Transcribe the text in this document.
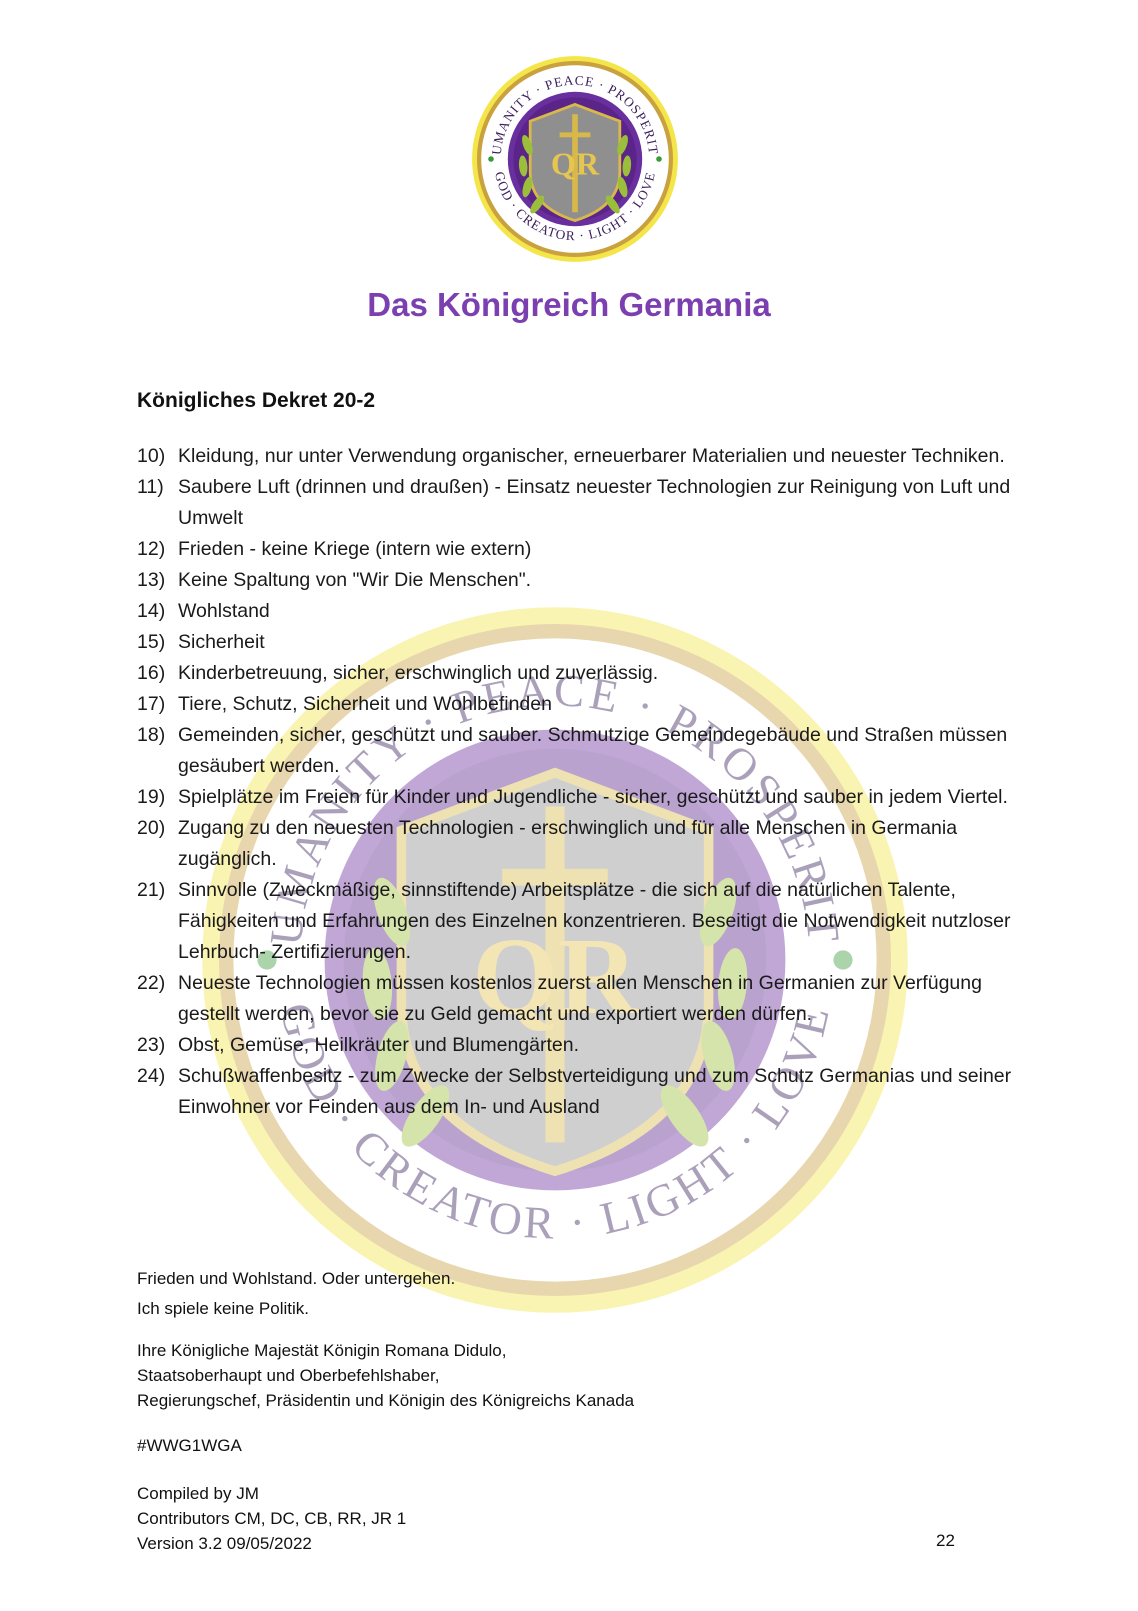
Das Königreich Germania
Königliches Dekret 20-2
10) Kleidung, nur unter Verwendung organischer, erneuerbarer Materialien und neuester Techniken.
11) Saubere Luft (drinnen und draußen) - Einsatz neuester Technologien zur Reinigung von Luft und Umwelt
12) Frieden - keine Kriege (intern wie extern)
13) Keine Spaltung von "Wir Die Menschen".
14) Wohlstand
15) Sicherheit
16) Kinderbetreuung, sicher, erschwinglich und zuverlässig.
17) Tiere, Schutz, Sicherheit und Wohlbefinden
18) Gemeinden, sicher, geschützt und sauber. Schmutzige Gemeindegebäude und Straßen müssen gesäubert werden.
19) Spielplätze im Freien für Kinder und Jugendliche - sicher, geschützt und sauber in jedem Viertel.
20) Zugang zu den neuesten Technologien - erschwinglich und für alle Menschen in Germania zugänglich.
21) Sinnvolle (Zweckmäßige, sinnstiftende) Arbeitsplätze - die sich auf die natürlichen Talente, Fähigkeiten und Erfahrungen des Einzelnen konzentrieren. Beseitigt die Notwendigkeit nutzloser Lehrbuch- Zertifizierungen.
22) Neueste Technologien müssen kostenlos zuerst allen Menschen in Germanien zur Verfügung gestellt werden, bevor sie zu Geld gemacht und exportiert werden dürfen.
23) Obst, Gemüse, Heilkräuter und Blumengärten.
24) Schußwaffenbesitz - zum Zwecke der Selbstverteidigung und zum Schutz Germanias und seiner Einwohner vor Feinden aus dem In- und Ausland
Frieden und Wohlstand. Oder untergehen.
Ich spiele keine Politik.
Ihre Königliche Majestät Königin Romana Didulo,
Staatsoberhaupt und Oberbefehlshaber,
Regierungschef, Präsidentin und Königin des Königreichs Kanada
#WWG1WGA
Compiled by JM
Contributors CM, DC, CB, RR, JR 1
Version 3.2 09/05/2022	22
